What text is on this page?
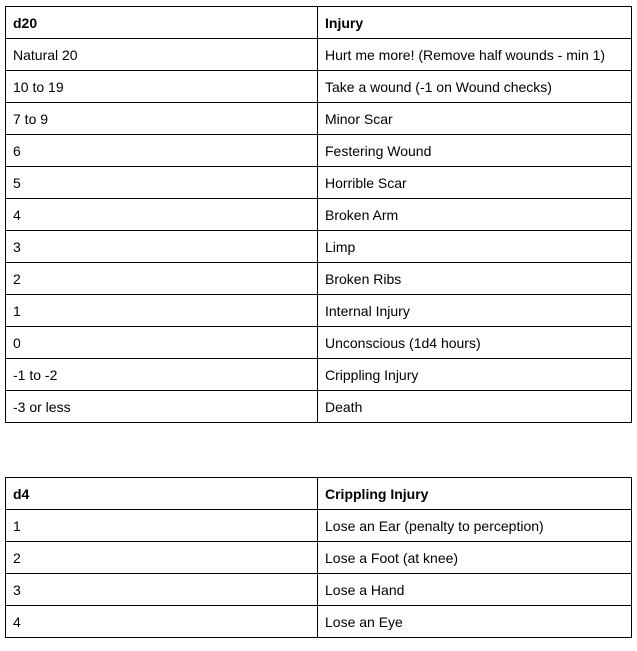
d20	Injury
Natural 20	Hurt me more! (Remove half wounds - min 1)
10 to 19	Take a wound (-1 on Wound checks)
7 to 9	Minor Scar
6	Festering Wound
5	Horrible Scar
4	Broken Arm
3	Limp
2	Broken Ribs
1	Internal Injury
0	Unconscious (1d4 hours)
-1 to -2	Crippling Injury
-3 or less	Death
d4	Crippling Injury
1	Lose an Ear (penalty to perception)
2	Lose a Foot (at knee)
3	Lose a Hand
4	Lose an Eye
